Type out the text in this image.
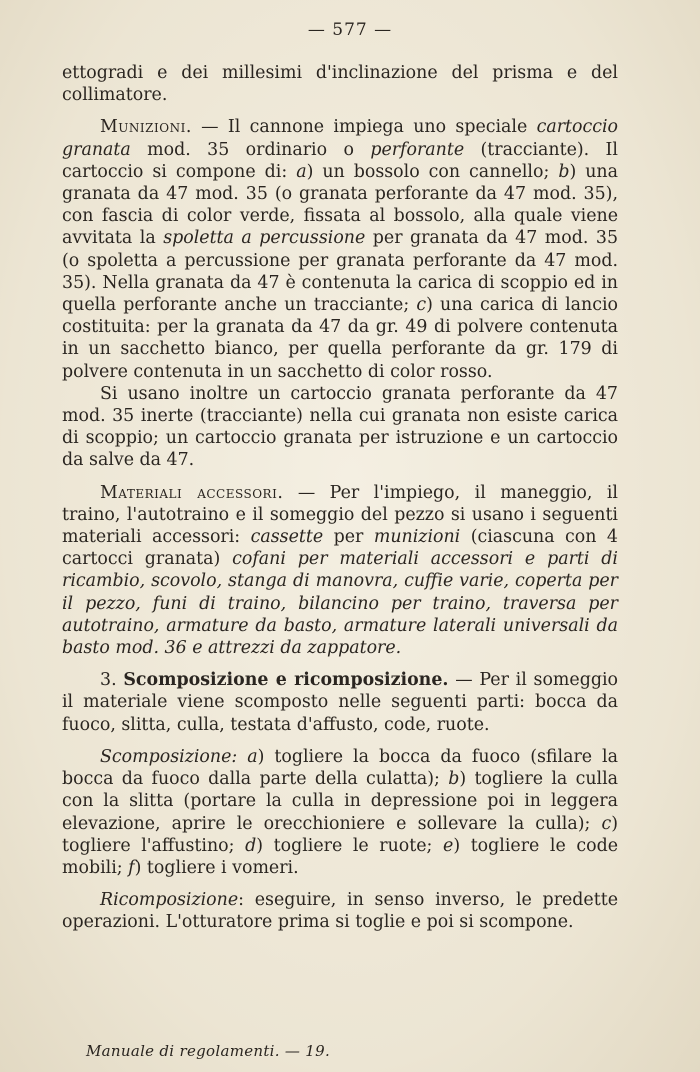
— 577 —

ettogradi e dei millesimi d'inclinazione del prisma e del collimatore.

Munizioni. — Il cannone impiega uno speciale cartoccio granata mod. 35 ordinario o perforante (tracciante). Il cartoccio si compone di: a) un bossolo con cannello; b) una granata da 47 mod. 35 (o granata perforante da 47 mod. 35), con fascia di color verde, fissata al bossolo, alla quale viene avvitata la spoletta a percussione per granata da 47 mod. 35 (o spoletta a percussione per granata perforante da 47 mod. 35). Nella granata da 47 è contenuta la carica di scoppio ed in quella perforante anche un tracciante; c) una carica di lancio costituita: per la granata da 47 da gr. 49 di polvere contenuta in un sacchetto bianco, per quella perforante da gr. 179 di polvere contenuta in un sacchetto di color rosso.

Si usano inoltre un cartoccio granata perforante da 47 mod. 35 inerte (tracciante) nella cui granata non esiste carica di scoppio; un cartoccio granata per istruzione e un cartoccio da salve da 47.

Materiali accessori. — Per l'impiego, il maneggio, il traino, l'autotraino e il someggio del pezzo si usano i seguenti materiali accessori: cassette per munizioni (ciascuna con 4 cartocci granata) cofani per materiali accessori e parti di ricambio, scovolo, stanga di manovra, cuffie varie, coperta per il pezzo, funi di traino, bilancino per traino, traversa per autotraino, armature da basto, armature laterali universali da basto mod. 36 e attrezzi da zappatore.

3. Scomposizione e ricomposizione. — Per il someggio il materiale viene scomposto nelle seguenti parti: bocca da fuoco, slitta, culla, testata d'affusto, code, ruote.

Scomposizione: a) togliere la bocca da fuoco (sfilare la bocca da fuoco dalla parte della culatta); b) togliere la culla con la slitta (portare la culla in depressione poi in leggera elevazione, aprire le orecchioniere e sollevare la culla); c) togliere l'affustino; d) togliere le ruote; e) togliere le code mobili; f) togliere i vomeri.

Ricomposizione: eseguire, in senso inverso, le predette operazioni. L'otturatore prima si toglie e poi si scompone.

Manuale di regolamenti. — 19.
